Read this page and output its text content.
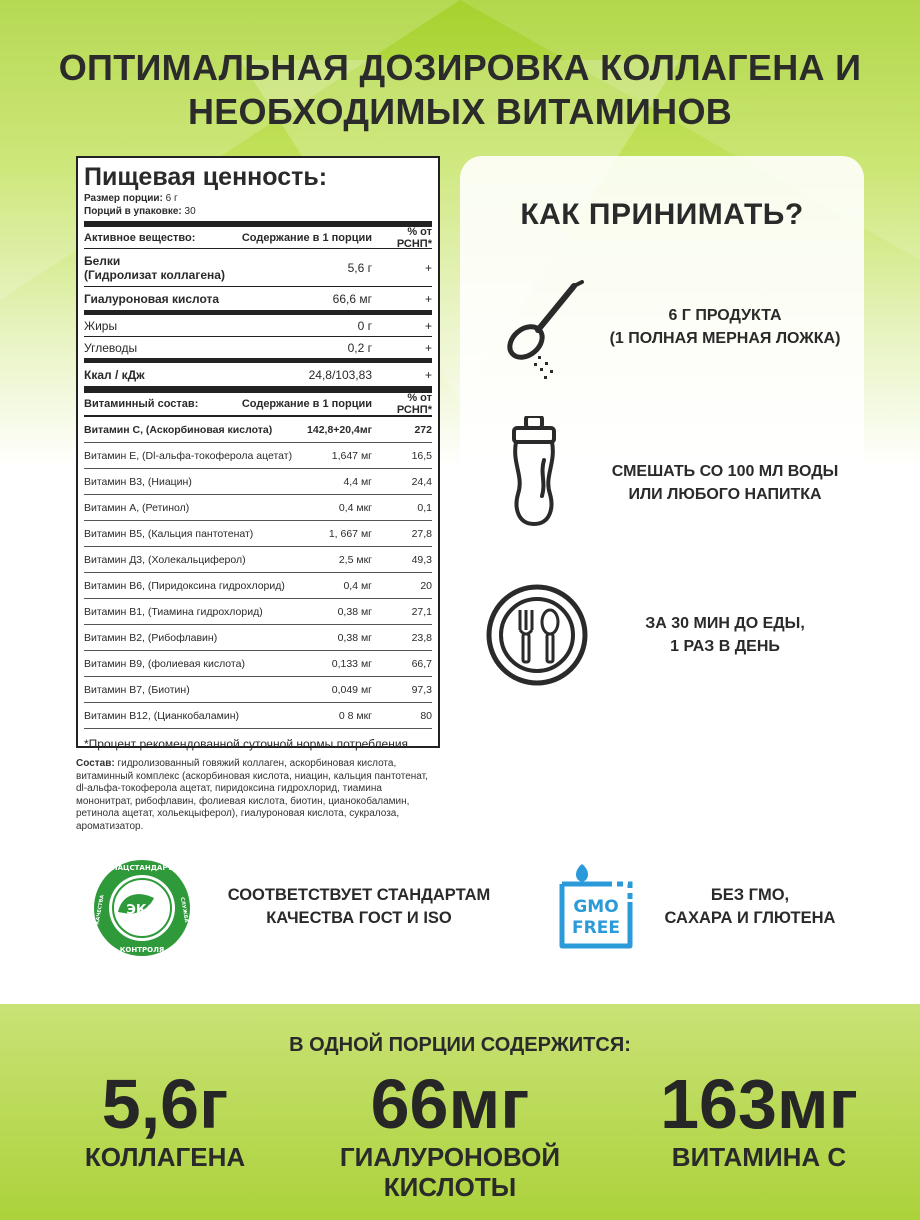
ОПТИМАЛЬНАЯ ДОЗИРОВКА КОЛЛАГЕНА И НЕОБХОДИМЫХ ВИТАМИНОВ
Пищевая ценность:
Размер порции: 6 г
Порций в упаковке: 30
Активное вещество:	Содержание в 1 порции	% от РСНП*
Белки
(Гидролизат коллагена)	5,6 г	+
Гиалуроновая кислота	66,6 мг	+
Жиры	0 г	+
Углеводы	0,2 г	+
Ккал / кДж	24,8/103,83	+
Витаминный состав:	Содержание в 1 порции	% от РСНП*
Витамин С, (Аскорбиновая кислота)	142,8+20,4мг	272
Витамин Е, (Dl-альфа-токоферола ацетат)	1,647 мг	16,5
Витамин В3, (Ниацин)	4,4 мг	24,4
Витамин А, (Ретинол)	0,4 мкг	0,1
Витамин В5, (Кальция пантотенат)	1, 667 мг	27,8
Витамин Д3, (Холекальциферол)	2,5 мкг	49,3
Витамин В6, (Пиридоксина гидрохлорид)	0,4 мг	20
Витамин В1, (Тиамина гидрохлорид)	0,38 мг	27,1
Витамин В2, (Рибофлавин)	0,38 мг	23,8
Витамин В9, (фолиевая кислота)	0,133 мг	66,7
Витамин В7, (Биотин)	0,049 мг	97,3
Витамин В12, (Цианкобаламин)	0 8 мкг	80
*Процент рекомендованной суточной нормы потребления.
Состав: гидролизованный говяжий коллаген, аскорбиновая кислота, витаминный комплекс (аскорбиновая кислота, ниацин, кальция пантотенат, dl-альфа-токоферола ацетат, пиридоксина гидрохлорид, тиамина мононитрат, рибофлавин, фолиевая кислота, биотин, цианокобаламин, ретинола ацетат, хольекцыферол), гиалуроновая кислота, сукралоза, ароматизатор.
КАК ПРИНИМАТЬ?
6 Г ПРОДУКТА
(1 ПОЛНАЯ МЕРНАЯ ЛОЖКА)
СМЕШАТЬ СО 100 МЛ ВОДЫ
ИЛИ ЛЮБОГО НАПИТКА
ЗА 30 МИН ДО ЕДЫ,
1 РАЗ В ДЕНЬ
ЭКО
НАЦСТАНДАРТ
КОНТРОЛЯ
КАЧЕСТВА	СЛУЖБА
СООТВЕТСТВУЕТ СТАНДАРТАМ
КАЧЕСТВА ГОСТ И ISO
GMO
FREE
БЕЗ ГМО,
САХАРА И ГЛЮТЕНА
В ОДНОЙ ПОРЦИИ СОДЕРЖИТСЯ:
5,6г
КОЛЛАГЕНА
66мг
ГИАЛУРОНОВОЙ
КИСЛОТЫ
163мг
ВИТАМИНА С
